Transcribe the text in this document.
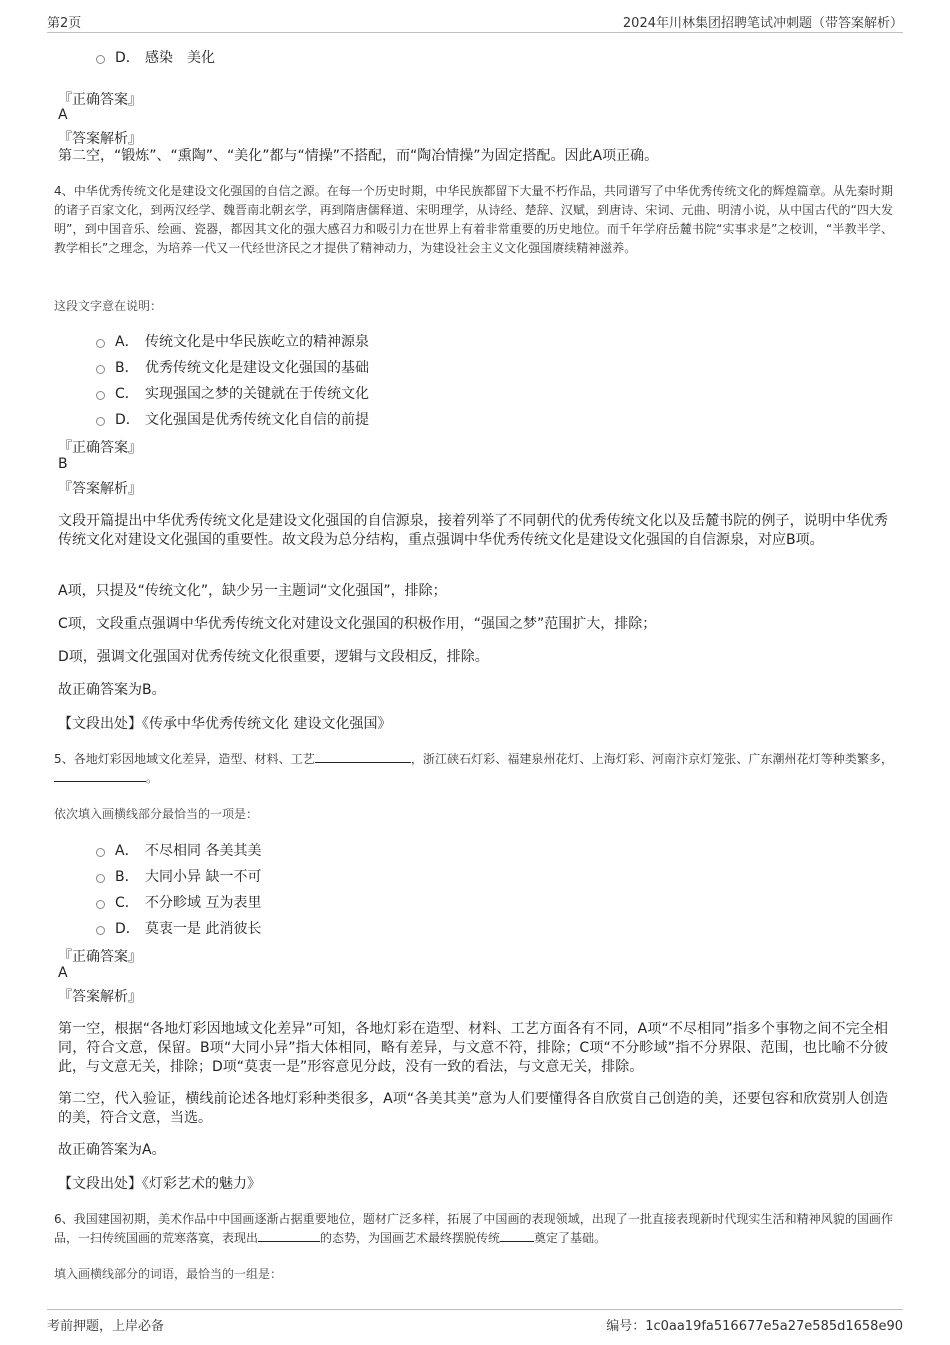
第2页	2024年川林集团招聘笔试冲刺题（带答案解析）
D． 感染　美化
『正确答案』
A
『答案解析』
第二空，“锻炼”、“熏陶”、“美化”都与“情操”不搭配，而“陶冶情操”为固定搭配。因此A项正确。
4、中华优秀传统文化是建设文化强国的自信之源。在每一个历史时期，中华民族都留下大量不朽作品，共同谱写了中华优秀传统文化的辉煌篇章。从先秦时期的诸子百家文化，到两汉经学、魏晋南北朝玄学，再到隋唐儒释道、宋明理学，从诗经、楚辞、汉赋，到唐诗、宋词、元曲、明清小说，从中国古代的“四大发明”，到中国音乐、绘画、瓷器，都因其文化的强大感召力和吸引力在世界上有着非常重要的历史地位。而千年学府岳麓书院“实事求是”之校训，“半教半学、教学相长”之理念，为培养一代又一代经世济民之才提供了精神动力，为建设社会主义文化强国赓续精神滋养。
这段文字意在说明：
A． 传统文化是中华民族屹立的精神源泉
B． 优秀传统文化是建设文化强国的基础
C． 实现强国之梦的关键就在于传统文化
D． 文化强国是优秀传统文化自信的前提
『正确答案』
B
『答案解析』
文段开篇提出中华优秀传统文化是建设文化强国的自信源泉，接着列举了不同朝代的优秀传统文化以及岳麓书院的例子，说明中华优秀传统文化对建设文化强国的重要性。故文段为总分结构，重点强调中华优秀传统文化是建设文化强国的自信源泉，对应B项。
A项，只提及“传统文化”，缺少另一主题词“文化强国”，排除；
C项，文段重点强调中华优秀传统文化对建设文化强国的积极作用，“强国之梦”范围扩大，排除；
D项，强调文化强国对优秀传统文化很重要，逻辑与文段相反，排除。
故正确答案为B。
【文段出处】《传承中华优秀传统文化 建设文化强国》
5、各地灯彩因地域文化差异，造型、材料、工艺	，浙江硖石灯彩、福建泉州花灯、上海灯彩、河南汴京灯笼张、广东潮州花灯等种类繁多，。
依次填入画横线部分最恰当的一项是：
A． 不尽相同 各美其美
B． 大同小异 缺一不可
C． 不分畛域 互为表里
D． 莫衷一是 此消彼长
『正确答案』
A
『答案解析』
第一空，根据“各地灯彩因地域文化差异”可知，各地灯彩在造型、材料、工艺方面各有不同，A项“不尽相同”指多个事物之间不完全相同，符合文意，保留。B项“大同小异”指大体相同，略有差异，与文意不符，排除；C项“不分畛域”指不分界限、范围，也比喻不分彼此，与文意无关，排除；D项“莫衷一是”形容意见分歧，没有一致的看法，与文意无关，排除。
第二空，代入验证，横线前论述各地灯彩种类很多，A项“各美其美”意为人们要懂得各自欣赏自己创造的美，还要包容和欣赏别人创造的美，符合文意，当选。
故正确答案为A。
【文段出处】《灯彩艺术的魅力》
6、我国建国初期，美术作品中中国画逐渐占据重要地位，题材广泛多样，拓展了中国画的表现领域，出现了一批直接表现新时代现实生活和精神风貌的国画作品，一扫传统国画的荒寒落寞，表现出	的态势，为国画艺术最终摆脱传统	奠定了基础。
填入画横线部分的词语，最恰当的一组是：
考前押题，上岸必备	编号：1c0aa19fa516677e5a27e585d1658e90
